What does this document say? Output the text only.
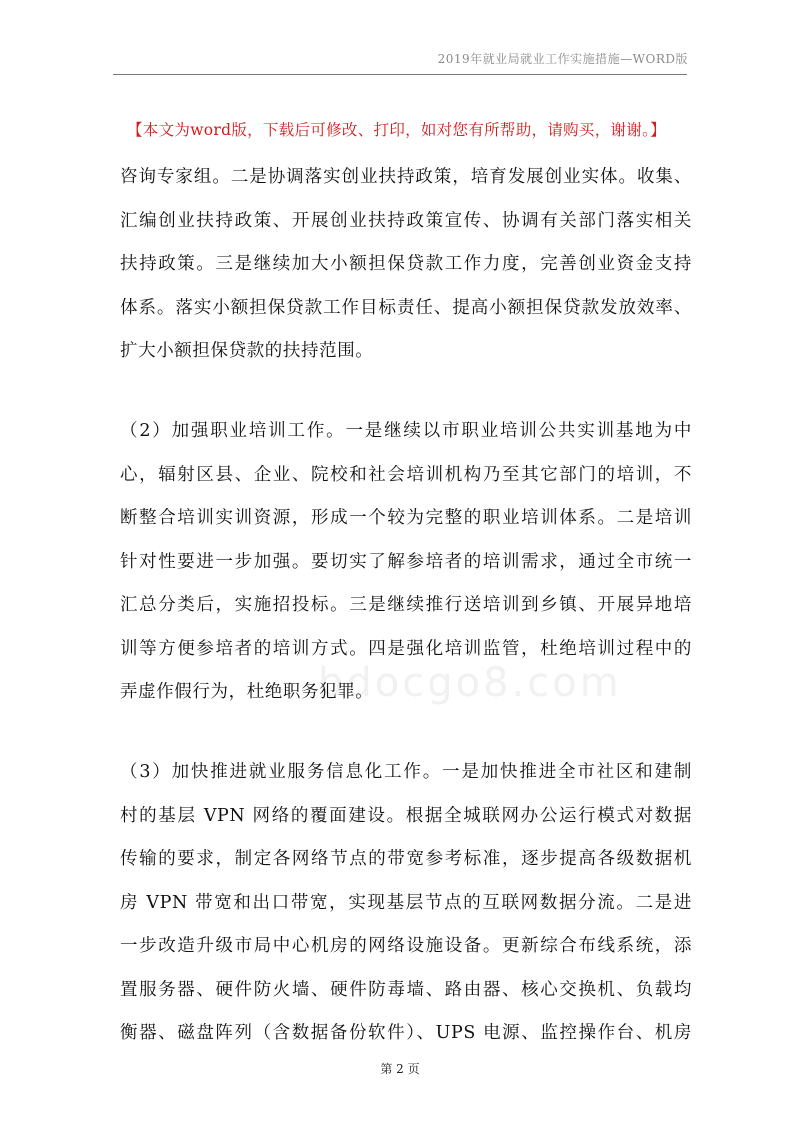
2019年就业局就业工作实施措施—WORD版
bdocgo8.com
【本文为word版，下载后可修改、打印，如对您有所帮助，请购买，谢谢。】
咨询专家组。二是协调落实创业扶持政策，培育发展创业实体。收集、
汇编创业扶持政策、开展创业扶持政策宣传、协调有关部门落实相关
扶持政策。三是继续加大小额担保贷款工作力度，完善创业资金支持
体系。落实小额担保贷款工作目标责任、提高小额担保贷款发放效率、
扩大小额担保贷款的扶持范围。
（2）加强职业培训工作。一是继续以市职业培训公共实训基地为中
心，辐射区县、企业、院校和社会培训机构乃至其它部门的培训，不
断整合培训实训资源，形成一个较为完整的职业培训体系。二是培训
针对性要进一步加强。要切实了解参培者的培训需求，通过全市统一
汇总分类后，实施招投标。三是继续推行送培训到乡镇、开展异地培
训等方便参培者的培训方式。四是强化培训监管，杜绝培训过程中的
弄虚作假行为，杜绝职务犯罪。
（3）加快推进就业服务信息化工作。一是加快推进全市社区和建制
村的基层 VPN 网络的覆面建设。根据全城联网办公运行模式对数据
传输的要求，制定各网络节点的带宽参考标准，逐步提高各级数据机
房 VPN 带宽和出口带宽，实现基层节点的互联网数据分流。二是进
一步改造升级市局中心机房的网络设施设备。更新综合布线系统，添
置服务器、硬件防火墙、硬件防毒墙、路由器、核心交换机、负载均
衡器、磁盘阵列（含数据备份软件）、UPS 电源、监控操作台、机房
第 2 页
